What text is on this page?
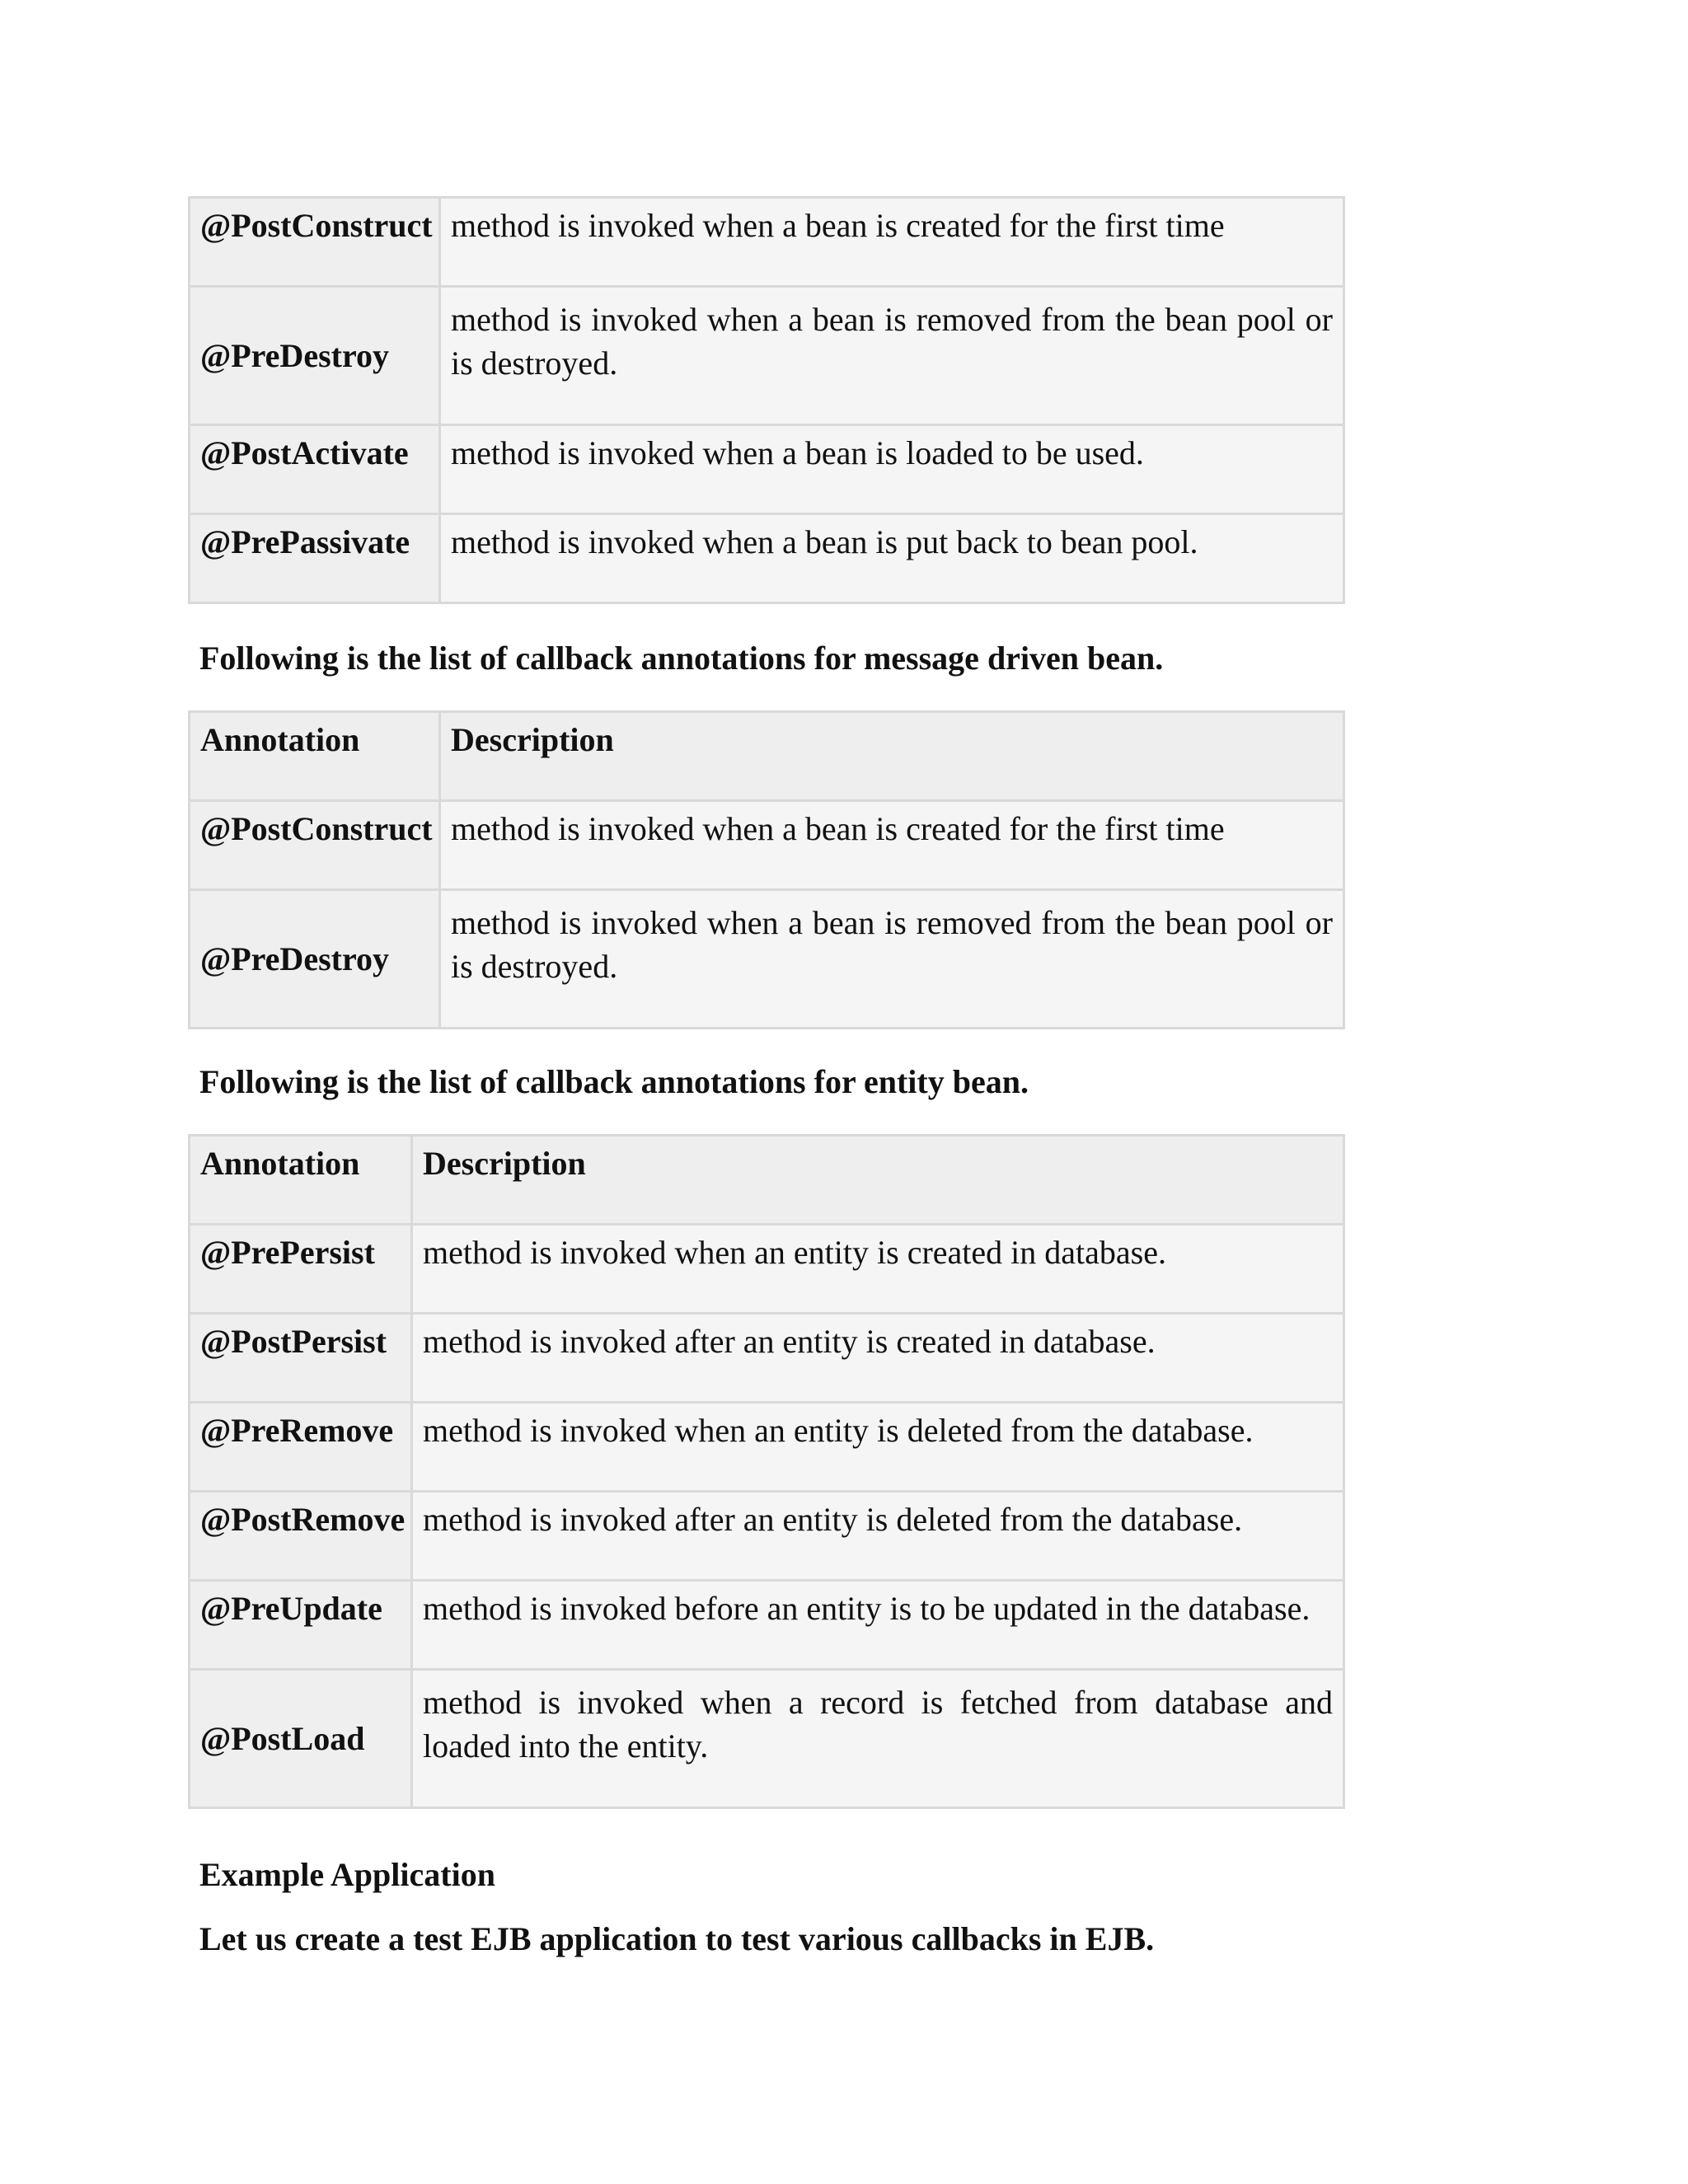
@PostConstruct	method is invoked when a bean is created for the first time
@PreDestroy	method is invoked when a bean is removed from the bean pool or is destroyed.
@PostActivate	method is invoked when a bean is loaded to be used.
@PrePassivate	method is invoked when a bean is put back to bean pool.

Following is the list of callback annotations for message driven bean.

Annotation	Description
@PostConstruct	method is invoked when a bean is created for the first time
@PreDestroy	method is invoked when a bean is removed from the bean pool or is destroyed.

Following is the list of callback annotations for entity bean.

Annotation	Description
@PrePersist	method is invoked when an entity is created in database.
@PostPersist	method is invoked after an entity is created in database.
@PreRemove	method is invoked when an entity is deleted from the database.
@PostRemove	method is invoked after an entity is deleted from the database.
@PreUpdate	method is invoked before an entity is to be updated in the database.
@PostLoad	method is invoked when a record is fetched from database and loaded into the entity.

Example Application

Let us create a test EJB application to test various callbacks in EJB.
